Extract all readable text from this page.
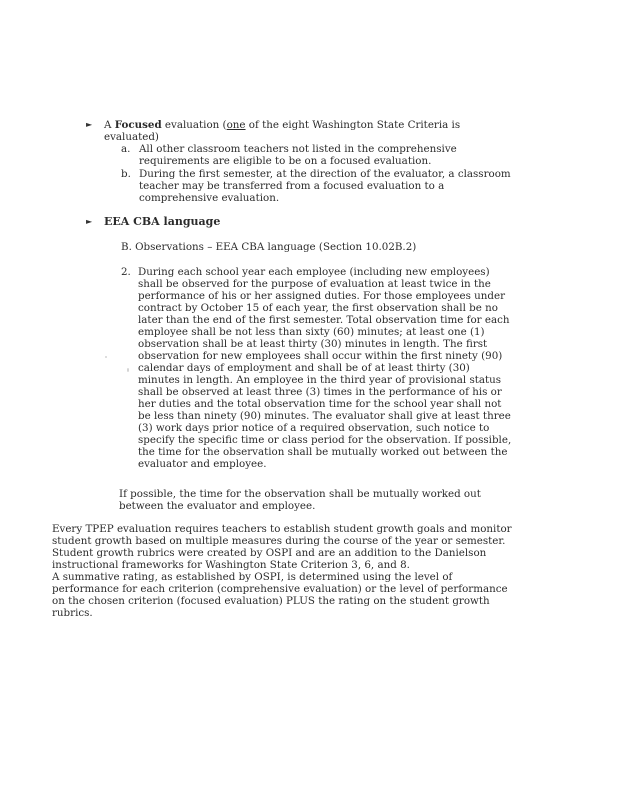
► A Focused evaluation (one of the eight Washington State Criteria is

evaluated)

a. All other classroom teachers not listed in the comprehensive

requirements are eligible to be on a focused evaluation.

b. During the first semester, at the direction of the evaluator, a classroom

teacher may be transferred from a focused evaluation to a

comprehensive evaluation.

► EEA CBA language

B. Observations – EEA CBA language (Section 10.02B.2)

2. During each school year each employee (including new employees)

shall be observed for the purpose of evaluation at least twice in the

performance of his or her assigned duties. For those employees under

contract by October 15 of each year, the first observation shall be no

later than the end of the first semester. Total observation time for each

employee shall be not less than sixty (60) minutes; at least one (1)

observation shall be at least thirty (30) minutes in length. The first

observation for new employees shall occur within the first ninety (90)

calendar days of employment and shall be of at least thirty (30)

minutes in length. An employee in the third year of provisional status

shall be observed at least three (3) times in the performance of his or

her duties and the total observation time for the school year shall not

be less than ninety (90) minutes. The evaluator shall give at least three

(3) work days prior notice of a required observation, such notice to

specify the specific time or class period for the observation. If possible,

the time for the observation shall be mutually worked out between the

evaluator and employee.

If possible, the time for the observation shall be mutually worked out

between the evaluator and employee.

Every TPEP evaluation requires teachers to establish student growth goals and monitor

student growth based on multiple measures during the course of the year or semester.

Student growth rubrics were created by OSPI and are an addition to the Danielson

instructional frameworks for Washington State Criterion 3, 6, and 8.

A summative rating, as established by OSPI, is determined using the level of

performance for each criterion (comprehensive evaluation) or the level of performance

on the chosen criterion (focused evaluation) PLUS the rating on the student growth

rubrics.
